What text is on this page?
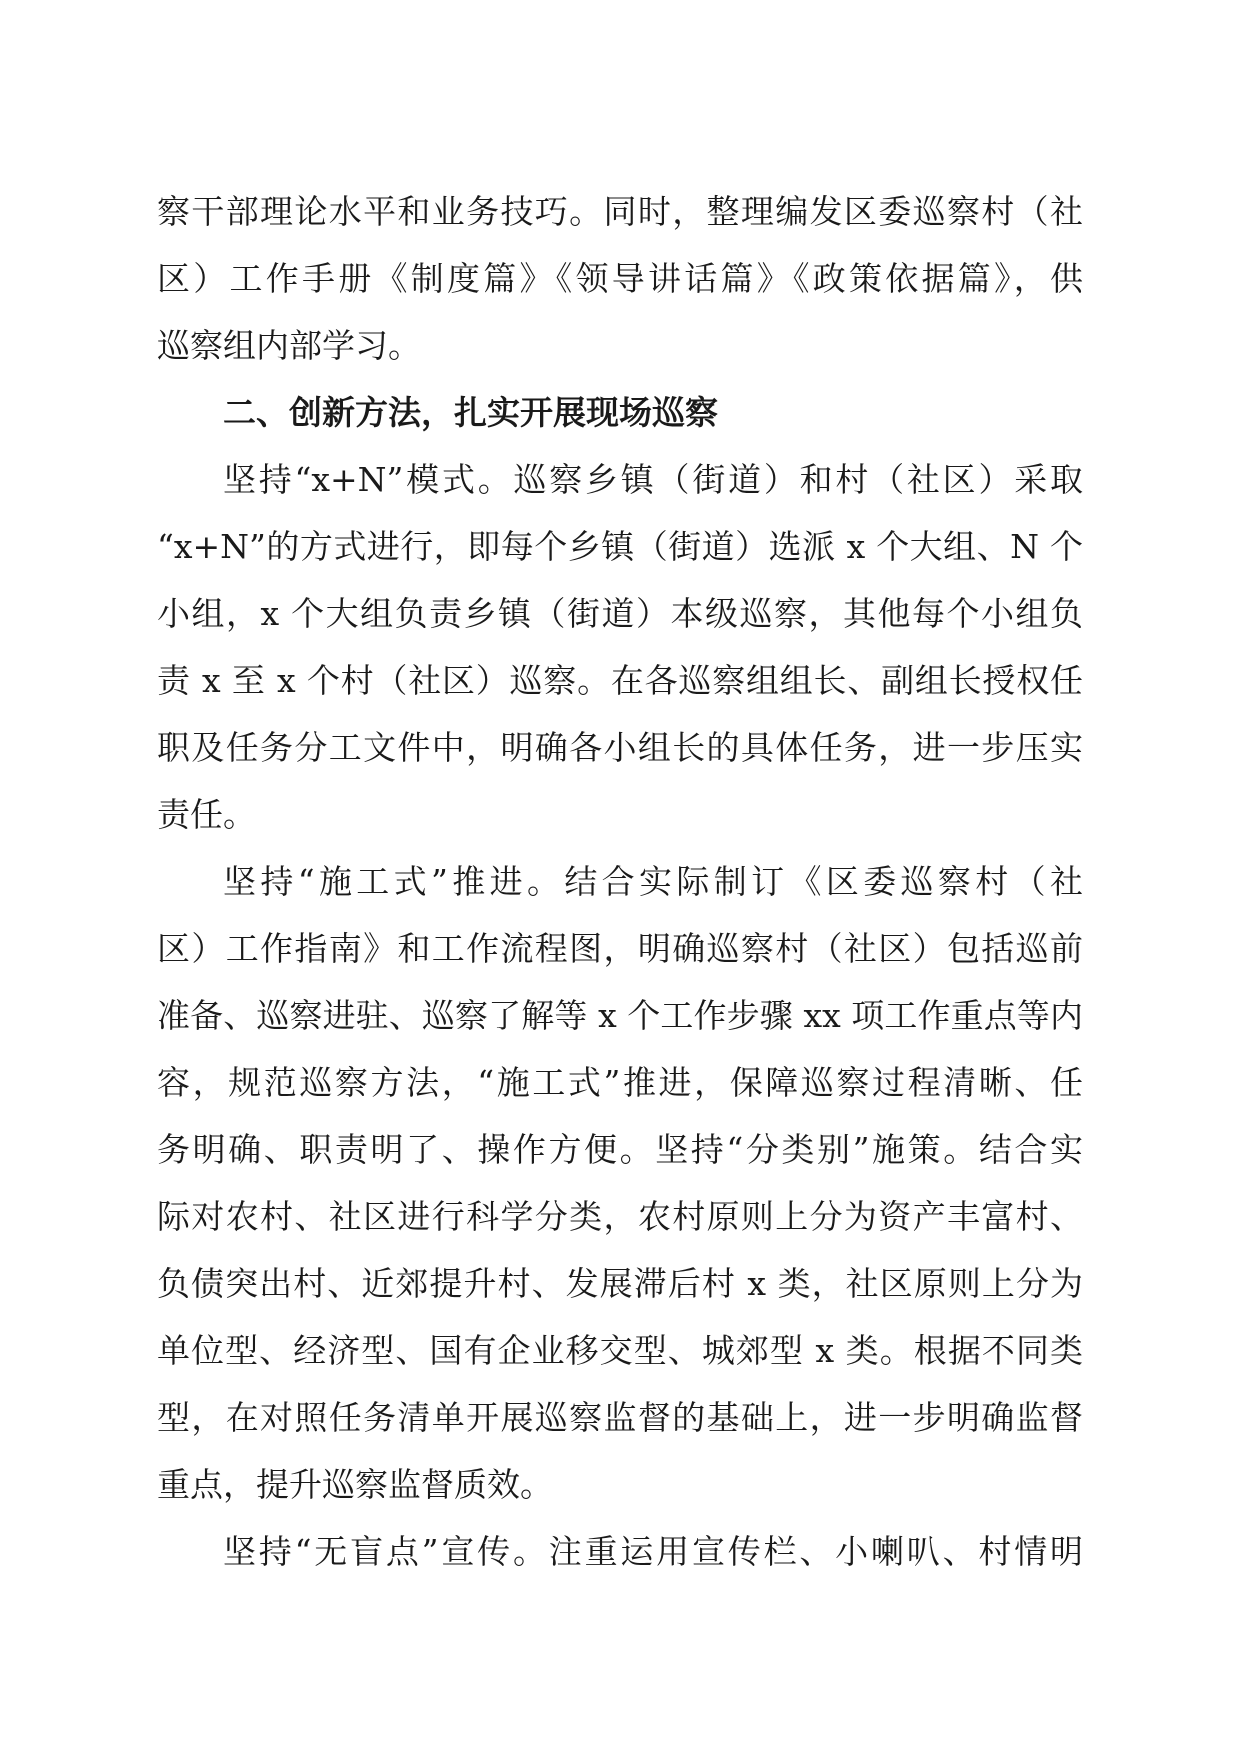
察干部理论水平和业务技巧。同时，整理编发区委巡察村（社
区）工作手册《制度篇》《领导讲话篇》《政策依据篇》，供
巡察组内部学习。
二、创新方法，扎实开展现场巡察
坚持“x+N”模式。巡察乡镇（街道）和村（社区）采取
“x+N”的方式进行，即每个乡镇（街道）选派 x 个大组、N 个
小组，x 个大组负责乡镇（街道）本级巡察，其他每个小组负
责 x 至 x 个村（社区）巡察。在各巡察组组长、副组长授权任
职及任务分工文件中，明确各小组长的具体任务，进一步压实
责任。
坚持“施工式”推进。结合实际制订《区委巡察村（社
区）工作指南》和工作流程图，明确巡察村（社区）包括巡前
准备、巡察进驻、巡察了解等 x 个工作步骤 xx 项工作重点等内
容，规范巡察方法，“施工式”推进，保障巡察过程清晰、任
务明确、职责明了、操作方便。坚持“分类别”施策。结合实
际对农村、社区进行科学分类，农村原则上分为资产丰富村、
负债突出村、近郊提升村、发展滞后村 x 类，社区原则上分为
单位型、经济型、国有企业移交型、城郊型 x 类。根据不同类
型，在对照任务清单开展巡察监督的基础上，进一步明确监督
重点，提升巡察监督质效。
坚持“无盲点”宣传。注重运用宣传栏、小喇叭、村情明
